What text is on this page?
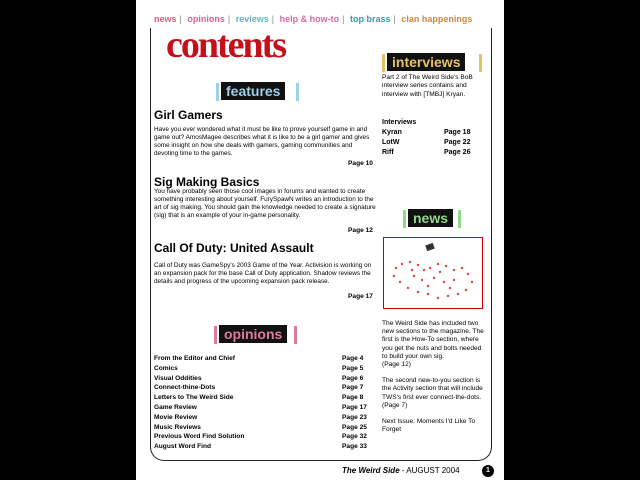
news | opinions | reviews | help & how-to | top brass | clan happenings
contents
features
Girl Gamers
Have you ever wondered what it must be like to prove yourself game in and game out? AmosMagee describes what it is like to be a girl gamer and gives some insight on how she deals with gamers, gaming communities and devoting time to the games.
Page 10
Sig Making Basics
You have probably seen those cool images in forums and wanted to create something interesting about yourself. FurySpawN writes an introduction to the art of sig making. You should gain the knowledge needed to create a signature (sig) that is an example of your in-game personality.
Page 12
Call Of Duty: United Assault
Call of Duty was GameSpy's 2003 Game of the Year. Activision is working on an expansion pack for the base Call of Duty application. Shadow reviews the details and progress of the upcoming expansion pack release.
Page 17
opinions
From the Editor and Chief	Page 4
Comics	Page 5
Visual Oddities	Page 6
Connect-thine-Dots	Page 7
Letters to The Weird Side	Page 8
Game Review	Page 17
Movie Review	Page 23
Music Reviews	Page 25
Previous Word Find Solution	Page 32
August Word Find	Page 33
interviews
Part 2 of The Weird Side's BoB interview series contains and interview with [TMBJ] Kryan.
Interviews
Kyran	Page 18
LotW	Page 22
Riff	Page 26
news
The Weird Side has included two new sections to the magazine. The first is the How-To section, where you get the nuts and bolts needed to build your own sig.
(Page 12)
The second new-to-you section is the Activity section that will include TWS's first ever connect-the-dots.
(Page 7)
Next Issue: Moments I'd Like To Forget
The Weird Side - AUGUST 2004	1
